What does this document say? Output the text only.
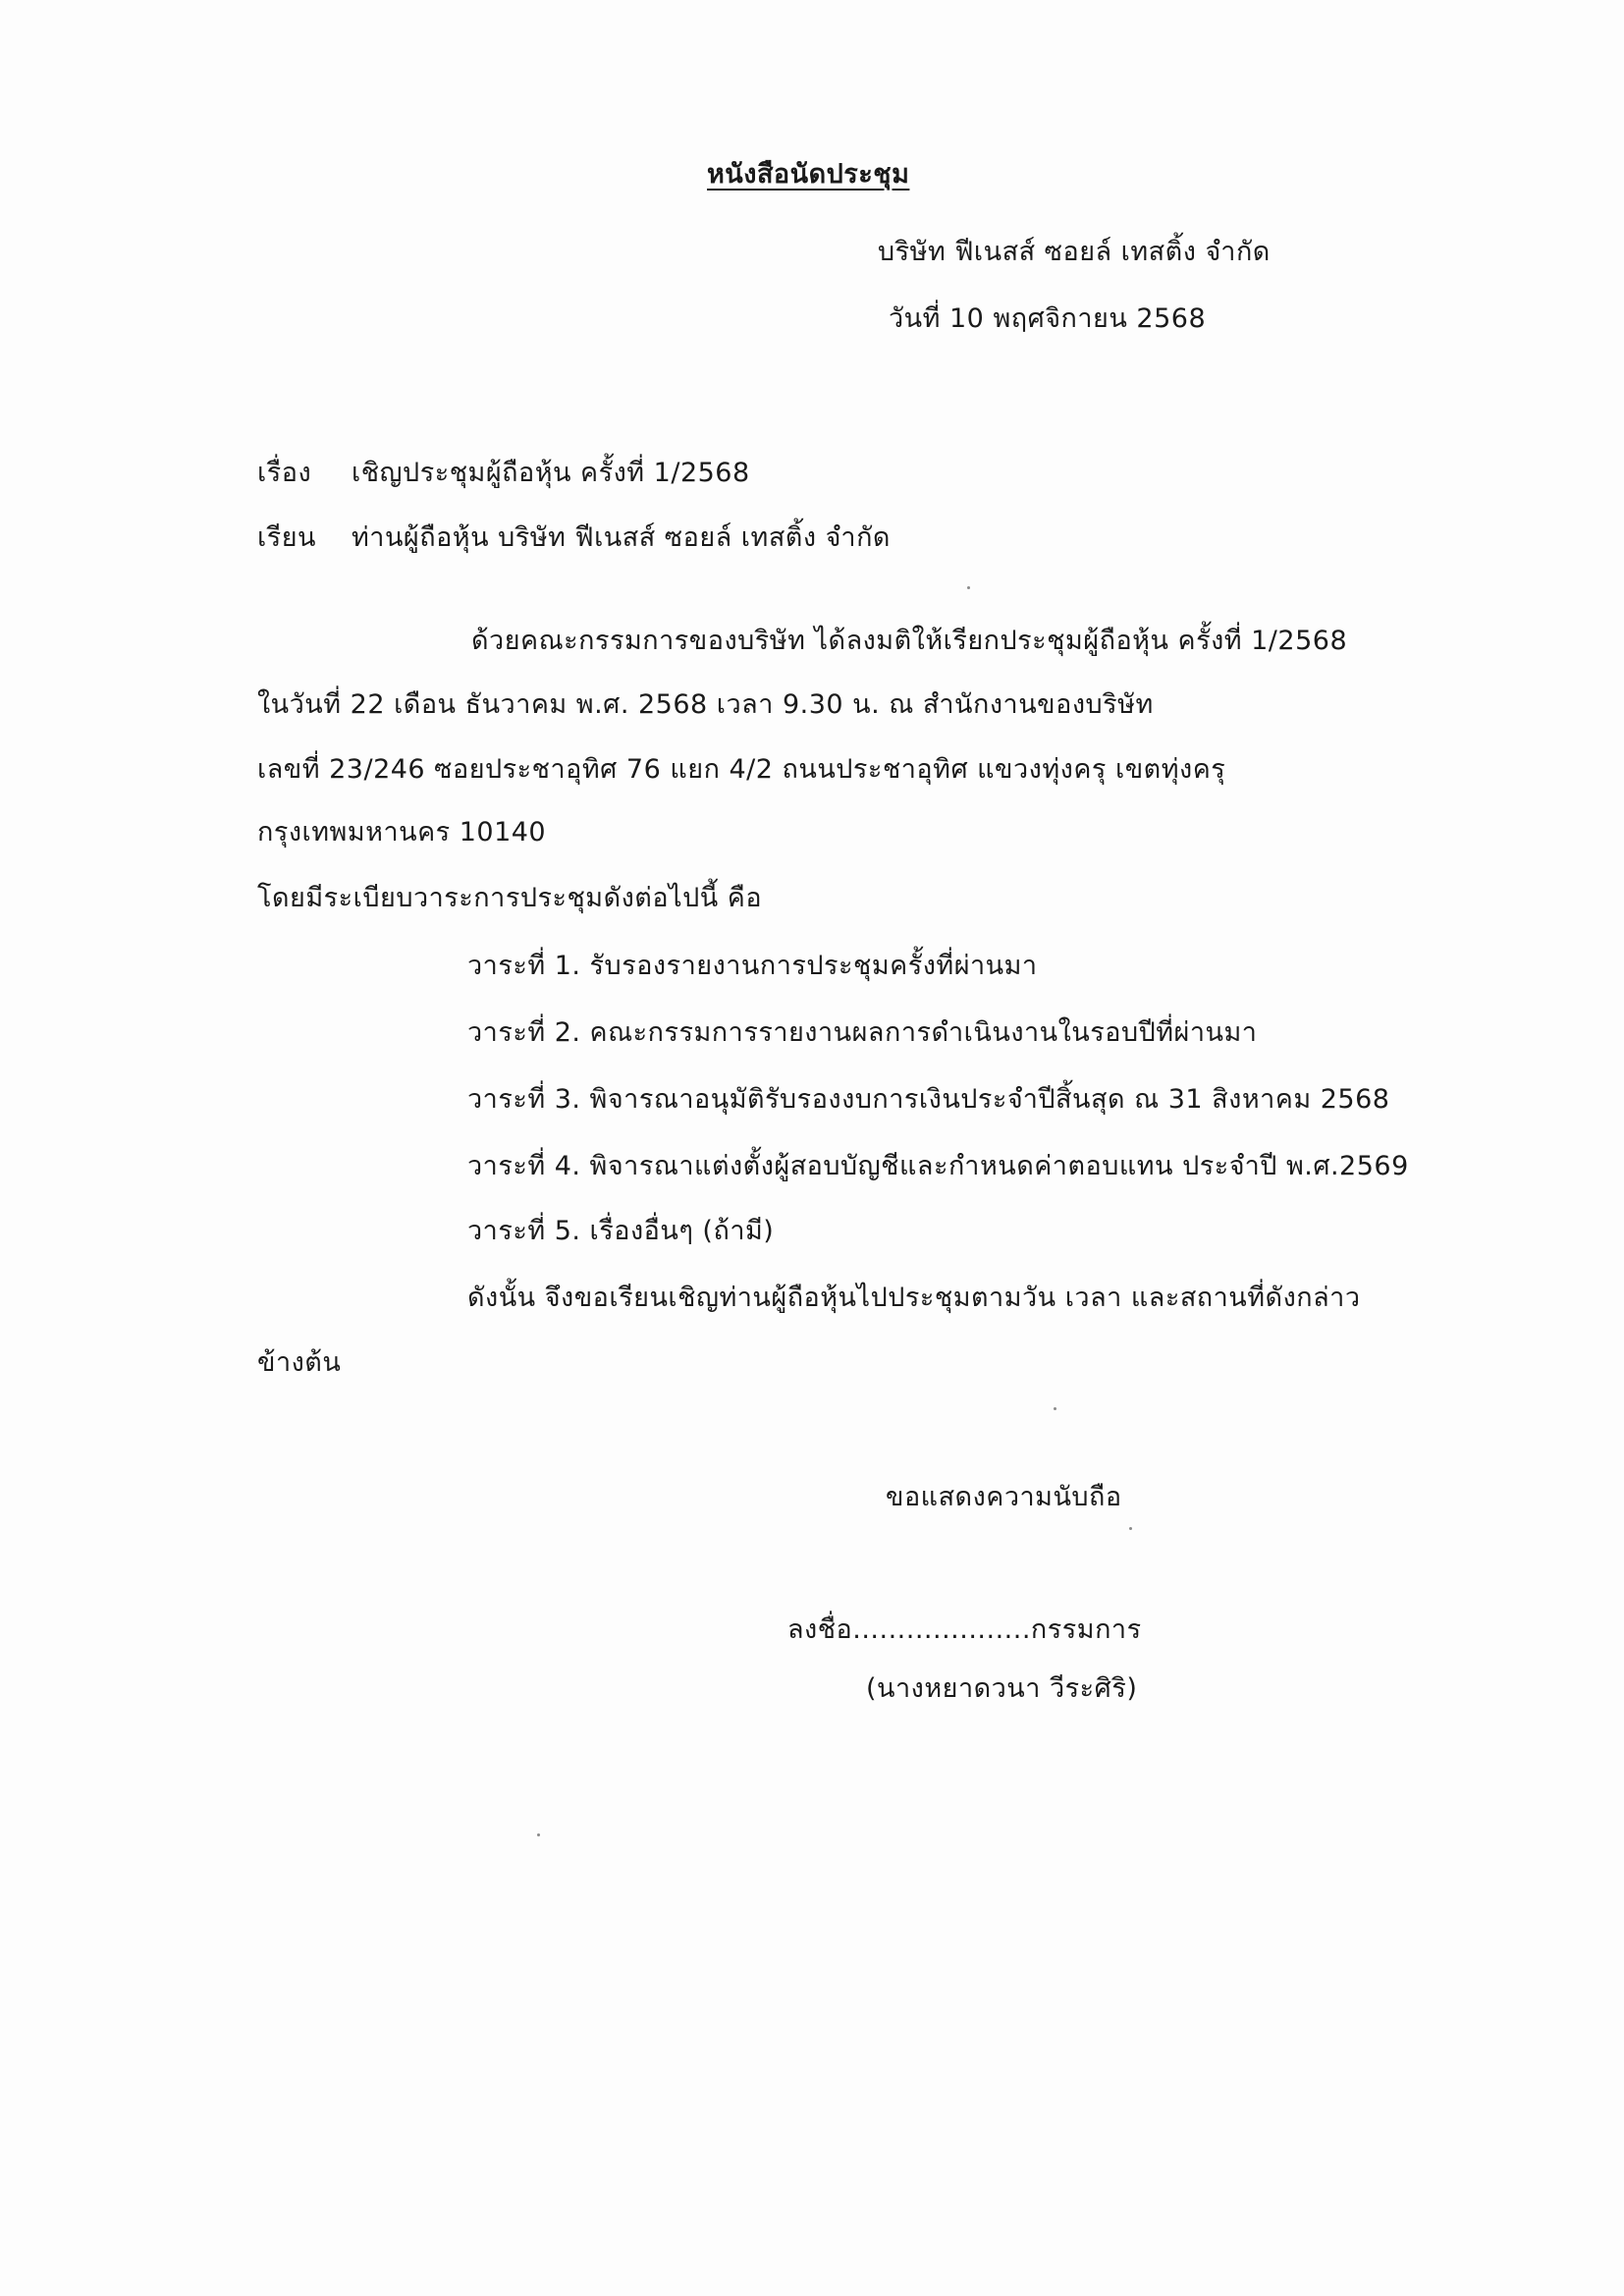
หนังสือนัดประชุม
บริษัท ฟีเนสส์ ซอยล์ เทสติ้ง จำกัด
วันที่ 10 พฤศจิกายน 2568
เรื่อง เชิญประชุมผู้ถือหุ้น ครั้งที่ 1/2568
เรียน ท่านผู้ถือหุ้น บริษัท ฟีเนสส์ ซอยล์ เทสติ้ง จำกัด
ด้วยคณะกรรมการของบริษัท ได้ลงมติให้เรียกประชุมผู้ถือหุ้น ครั้งที่ 1/2568
ในวันที่ 22 เดือน ธันวาคม พ.ศ. 2568 เวลา 9.30 น. ณ สำนักงานของบริษัท
เลขที่ 23/246 ซอยประชาอุทิศ 76 แยก 4/2 ถนนประชาอุทิศ แขวงทุ่งครุ เขตทุ่งครุ
กรุงเทพมหานคร 10140
โดยมีระเบียบวาระการประชุมดังต่อไปนี้ คือ
วาระที่ 1. รับรองรายงานการประชุมครั้งที่ผ่านมา
วาระที่ 2. คณะกรรมการรายงานผลการดำเนินงานในรอบปีที่ผ่านมา
วาระที่ 3. พิจารณาอนุมัติรับรองงบการเงินประจำปีสิ้นสุด ณ 31 สิงหาคม 2568
วาระที่ 4. พิจารณาแต่งตั้งผู้สอบบัญชีและกำหนดค่าตอบแทน ประจำปี พ.ศ.2569
วาระที่ 5. เรื่องอื่นๆ (ถ้ามี)
ดังนั้น จึงขอเรียนเชิญท่านผู้ถือหุ้นไปประชุมตามวัน เวลา และสถานที่ดังกล่าว
ข้างต้น
ขอแสดงความนับถือ
ลงชื่อ....................กรรมการ
(นางหยาดวนา วีระศิริ)
